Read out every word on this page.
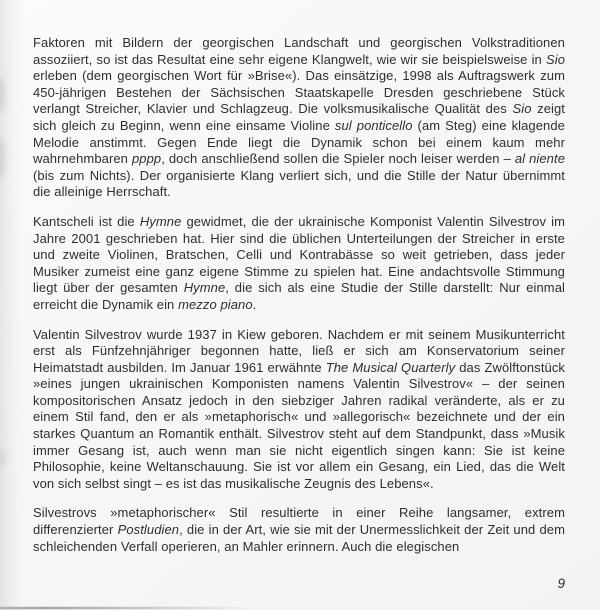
Faktoren mit Bildern der georgischen Landschaft und georgischen Volkstraditionen assoziiert, so ist das Resultat eine sehr eigene Klangwelt, wie wir sie beispielsweise in Sio erleben (dem georgischen Wort für »Brise«). Das einsätzige, 1998 als Auftragswerk zum 450-jährigen Bestehen der Sächsischen Staatskapelle Dresden geschriebene Stück verlangt Streicher, Klavier und Schlagzeug. Die volksmusikalische Qualität des Sio zeigt sich gleich zu Beginn, wenn eine einsame Violine sul ponticello (am Steg) eine klagende Melodie anstimmt. Gegen Ende liegt die Dynamik schon bei einem kaum mehr wahrnehmbaren pppp, doch anschließend sollen die Spieler noch leiser werden – al niente (bis zum Nichts). Der organisierte Klang verliert sich, und die Stille der Natur übernimmt die alleinige Herrschaft.

Kantscheli ist die Hymne gewidmet, die der ukrainische Komponist Valentin Silvestrov im Jahre 2001 geschrieben hat. Hier sind die üblichen Unterteilungen der Streicher in erste und zweite Violinen, Bratschen, Celli und Kontrabässe so weit getrieben, dass jeder Musiker zumeist eine ganz eigene Stimme zu spielen hat. Eine andachtsvolle Stimmung liegt über der gesamten Hymne, die sich als eine Studie der Stille darstellt: Nur einmal erreicht die Dynamik ein mezzo piano.

Valentin Silvestrov wurde 1937 in Kiew geboren. Nachdem er mit seinem Musikunterricht erst als Fünfzehnjähriger begonnen hatte, ließ er sich am Konservatorium seiner Heimatstadt ausbilden. Im Januar 1961 erwähnte The Musical Quarterly das Zwölftonstück »eines jungen ukrainischen Komponisten namens Valentin Silvestrov« – der seinen kompositorischen Ansatz jedoch in den siebziger Jahren radikal veränderte, als er zu einem Stil fand, den er als »metaphorisch« und »allegorisch« bezeichnete und der ein starkes Quantum an Romantik enthält. Silvestrov steht auf dem Standpunkt, dass »Musik immer Gesang ist, auch wenn man sie nicht eigentlich singen kann: Sie ist keine Philosophie, keine Weltanschauung. Sie ist vor allem ein Gesang, ein Lied, das die Welt von sich selbst singt – es ist das musikalische Zeugnis des Lebens«.

Silvestrovs »metaphorischer« Stil resultierte in einer Reihe langsamer, extrem differenzierter Postludien, die in der Art, wie sie mit der Unermesslichkeit der Zeit und dem schleichenden Verfall operieren, an Mahler erinnern. Auch die elegischen

9
